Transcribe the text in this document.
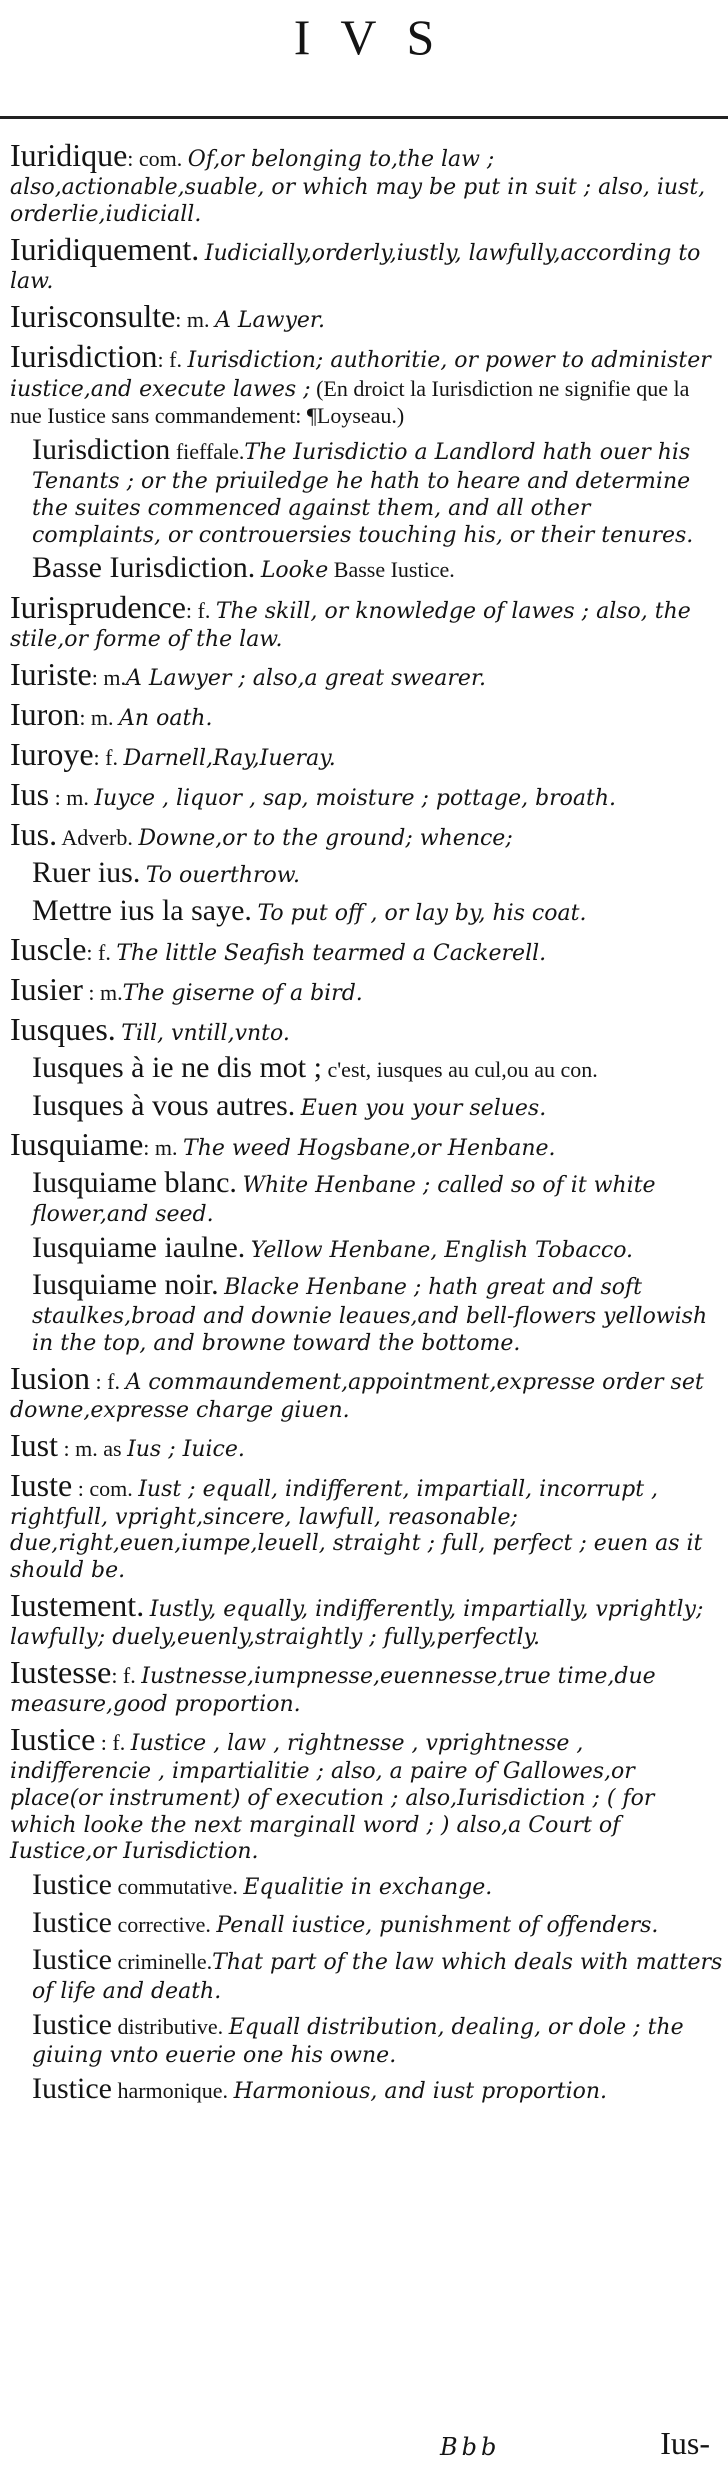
IVS
Iuridique: com. Of,or belonging to,the law ; also,actionable,suable, or which may be put in suit ; also, iust, orderlie,iudiciall.
Iuridiquement. Iudicially,orderly,iustly, lawfully,according to law.
Iurisconsulte: m. A Lawyer.
Iurisdiction: f. Iurisdiction; authoritie, or power to administer iustice,and execute lawes ; (En droict la Iurisdiction ne signifie que la nue Iustice sans commandement: ¶Loyseau.)
Iurisdiction fieffale.The Iurisdictio a Landlord hath ouer his Tenants ; or the priuiledge he hath to heare and determine the suites commenced against them, and all other complaints, or controuersies touching his, or their tenures.
Basse Iurisdiction. Looke Basse Iustice.
Iurisprudence: f. The skill, or knowledge of lawes ; also, the stile,or forme of the law.
Iuriste: m.A Lawyer ; also,a great swearer.
Iuron: m. An oath.
Iuroye: f. Darnell,Ray,Iueray.
Ius : m. Iuyce , liquor , sap, moisture ; pottage, broath.
Ius. Adverb. Downe,or to the ground; whence;
Ruer ius. To ouerthrow.
Mettre ius la saye. To put off , or lay by, his coat.
Iuscle: f. The little Seafish tearmed a Cackerell.
Iusier : m.The giserne of a bird.
Iusques. Till, vntill,vnto.
Iusques à ie ne dis mot ; c'est, iusques au cul,ou au con.
Iusques à vous autres. Euen you your selues.
Iusquiame: m. The weed Hogsbane,or Henbane.
Iusquiame blanc. White Henbane ; called so of it white flower,and seed.
Iusquiame iaulne. Yellow Henbane, English Tobacco.
Iusquiame noir. Blacke Henbane ; hath great and soft staulkes,broad and downie leaues,and bell-flowers yellowish in the top, and browne toward the bottome.
Iusion : f. A commaundement,appointment,expresse order set downe,expresse charge giuen.
Iust : m. as Ius ; Iuice.
Iuste : com. Iust ; equall, indifferent, impartiall, incorrupt , rightfull, vpright,sincere, lawfull, reasonable; due,right,euen,iumpe,leuell, straight ; full, perfect ; euen as it should be.
Iustement. Iustly, equally, indifferently, impartially, vprightly; lawfully; duely,euenly,straightly ; fully,perfectly.
Iustesse: f. Iustnesse,iumpnesse,euennesse,true time,due measure,good proportion.
Iustice : f. Iustice , law , rightnesse , vprightnesse , indifferencie , impartialitie ; also, a paire of Gallowes,or place(or instrument) of execution ; also,Iurisdiction ; ( for which looke the next marginall word ; ) also,a Court of Iustice,or Iurisdiction.
Iustice commutative. Equalitie in exchange.
Iustice corrective. Penall iustice, punishment of offenders.
Iustice criminelle.That part of the law which deals with matters of life and death.
Iustice distributive. Equall distribution, dealing, or dole ; the giuing vnto euerie one his owne.
Iustice harmonique. Harmonious, and iust proportion.
Bbb	Ius-
